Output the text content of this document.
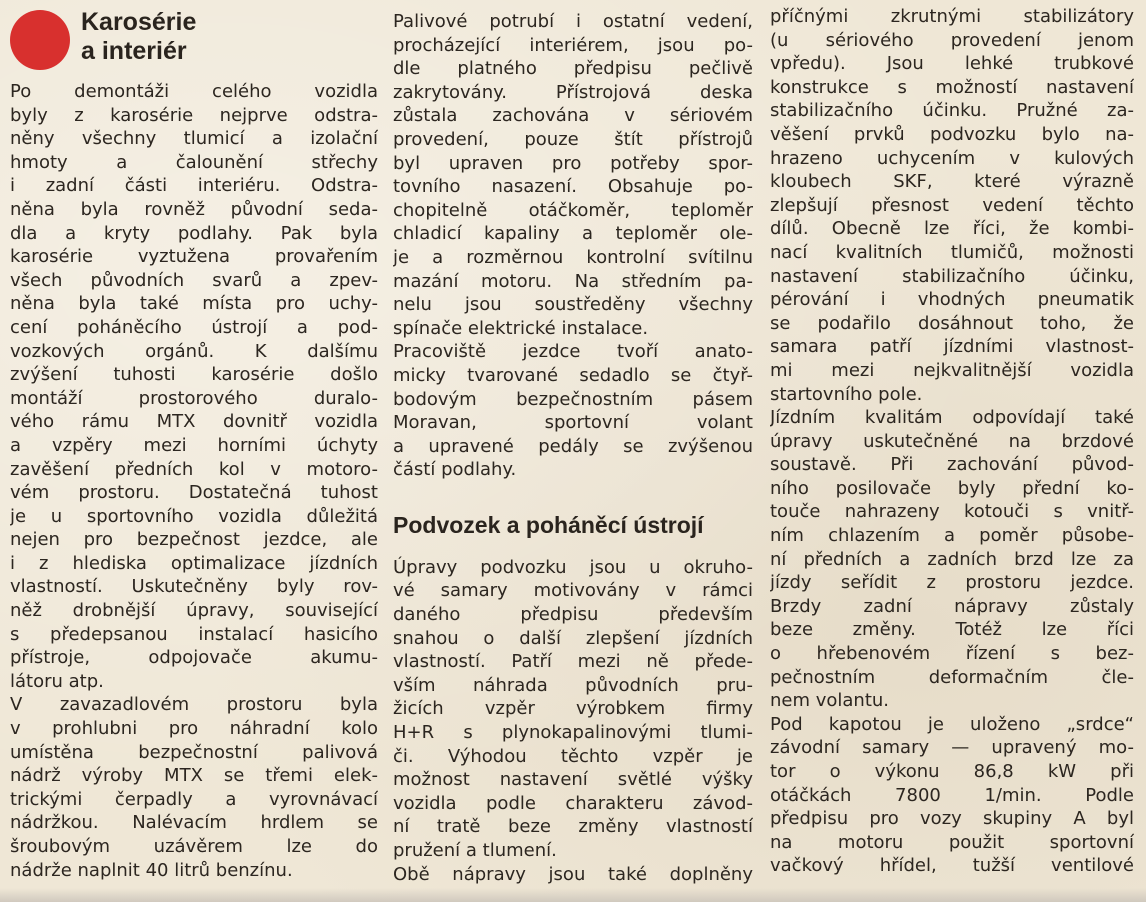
Karosérie
a interiér
Po demontáži celého vozidla
byly z karosérie nejprve odstra-
něny všechny tlumicí a izolační
hmoty a čalounění střechy
i zadní části interiéru. Odstra-
něna byla rovněž původní seda-
dla a kryty podlahy. Pak byla
karosérie vyztužena provařením
všech původních svarů a zpev-
něna byla také místa pro uchy-
cení poháněcího ústrojí a pod-
vozkových orgánů. K dalšímu
zvýšení tuhosti karosérie došlo
montáží prostorového duralo-
vého rámu MTX dovnitř vozidla
a vzpěry mezi horními úchyty
zavěšení předních kol v motoro-
vém prostoru. Dostatečná tuhost
je u sportovního vozidla důležitá
nejen pro bezpečnost jezdce, ale
i z hlediska optimalizace jízdních
vlastností. Uskutečněny byly rov-
něž drobnější úpravy, související
s předepsanou instalací hasicího
přístroje, odpojovače akumu-
látoru atp.
V zavazadlovém prostoru byla
v prohlubni pro náhradní kolo
umístěna bezpečnostní palivová
nádrž výroby MTX se třemi elek-
trickými čerpadly a vyrovnávací
nádržkou. Nalévacím hrdlem se
šroubovým uzávěrem lze do
nádrže naplnit 40 litrů benzínu.
Palivové potrubí i ostatní vedení,
procházející interiérem, jsou po-
dle platného předpisu pečlivě
zakrytovány. Přístrojová deska
zůstala zachována v sériovém
provedení, pouze štít přístrojů
byl upraven pro potřeby spor-
tovního nasazení. Obsahuje po-
chopitelně otáčkoměr, teploměr
chladicí kapaliny a teploměr ole-
je a rozměrnou kontrolní svítilnu
mazání motoru. Na středním pa-
nelu jsou soustředěny všechny
spínače elektrické instalace.
Pracoviště jezdce tvoří anato-
micky tvarované sedadlo se čtyř-
bodovým bezpečnostním pásem
Moravan, sportovní volant
a upravené pedály se zvýšenou
částí podlahy.
Podvozek a poháněcí ústrojí
Úpravy podvozku jsou u okruho-
vé samary motivovány v rámci
daného předpisu především
snahou o další zlepšení jízdních
vlastností. Patří mezi ně přede-
vším náhrada původních pru-
žicích vzpěr výrobkem firmy
H+R s plynokapalinovými tlumi-
či. Výhodou těchto vzpěr je
možnost nastavení světlé výšky
vozidla podle charakteru závod-
ní tratě beze změny vlastností
pružení a tlumení.
Obě nápravy jsou také doplněny
příčnými zkrutnými stabilizátory
(u sériového provedení jenom
vpředu). Jsou lehké trubkové
konstrukce s možností nastavení
stabilizačního účinku. Pružné za-
věšení prvků podvozku bylo na-
hrazeno uchycením v kulových
kloubech SKF, které výrazně
zlepšují přesnost vedení těchto
dílů. Obecně lze říci, že kombi-
nací kvalitních tlumičů, možnosti
nastavení stabilizačního účinku,
pérování i vhodných pneumatik
se podařilo dosáhnout toho, že
samara patří jízdními vlastnost-
mi mezi nejkvalitnější vozidla
startovního pole.
Jízdním kvalitám odpovídají také
úpravy uskutečněné na brzdové
soustavě. Při zachování původ-
ního posilovače byly přední ko-
touče nahrazeny kotouči s vnitř-
ním chlazením a poměr působe-
ní předních a zadních brzd lze za
jízdy seřídit z prostoru jezdce.
Brzdy zadní nápravy zůstaly
beze změny. Totéž lze říci
o hřebenovém řízení s bez-
pečnostním deformačním čle-
nem volantu.
Pod kapotou je uloženo „srdce“
závodní samary — upravený mo-
tor o výkonu 86,8 kW při
otáčkách 7800 1/min. Podle
předpisu pro vozy skupiny A byl
na motoru použit sportovní
vačkový hřídel, tužší ventilové
